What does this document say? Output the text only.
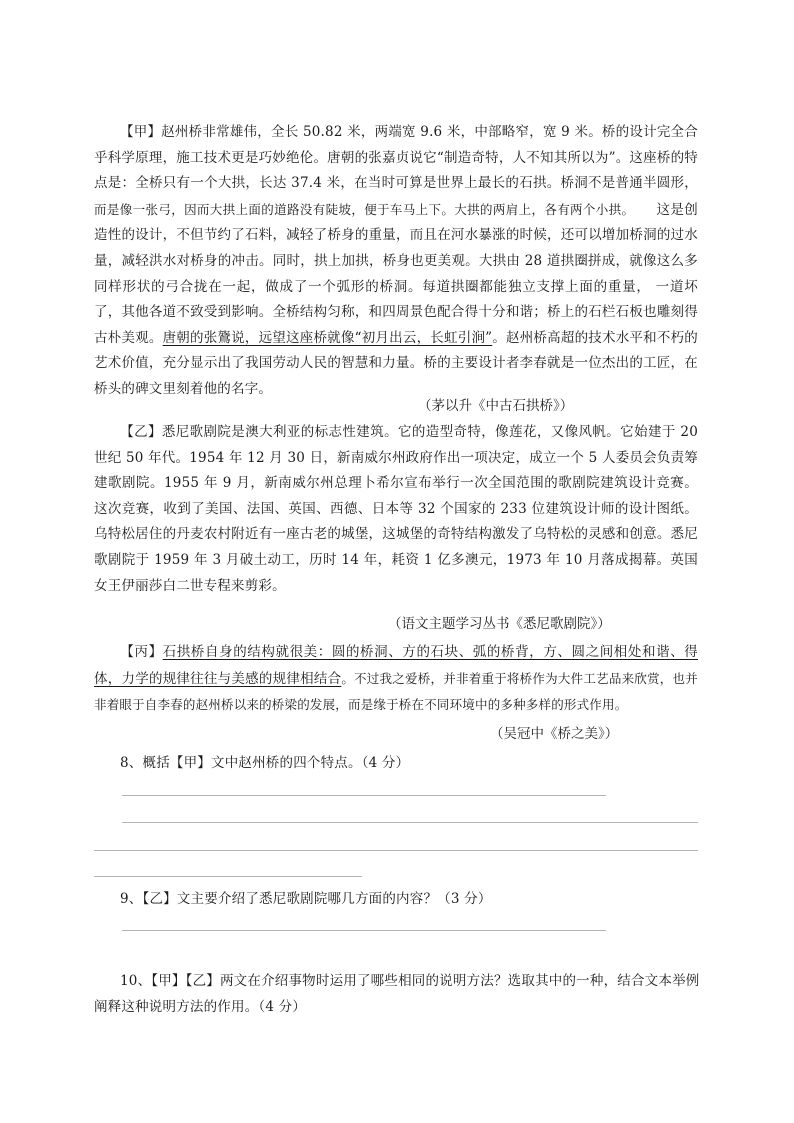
【甲】赵州桥非常雄伟，全长 50.82 米，两端宽 9.6 米，中部略窄，宽 9 米。桥的设计完全合乎科学原理，施工技术更是巧妙绝伦。唐朝的张嘉贞说它“制造奇特，人不知其所以为”。这座桥的特点是：全桥只有一个大拱，长达 37.4 米，在当时可算是世界上最长的石拱。桥洞不是普通半圆形，而是像一张弓，因而大拱上面的道路没有陡坡，便于车马上下。大拱的两肩上，各有两个小拱。 这是创造性的设计，不但节约了石料，减轻了桥身的重量，而且在河水暴涨的时候，还可以增加桥洞的过水量，减轻洪水对桥身的冲击。同时，拱上加拱，桥身也更美观。大拱由 28 道拱圈拼成，就像这么多同样形状的弓合拢在一起，做成了一个弧形的桥洞。每道拱圈都能独立支撑上面的重量， 一道坏了，其他各道不致受到影响。全桥结构匀称，和四周景色配合得十分和谐；桥上的石栏石板也雕刻得古朴美观。唐朝的张鷟说，远望这座桥就像“初月出云，长虹引涧”。赵州桥高超的技术水平和不朽的艺术价值，充分显示出了我国劳动人民的智慧和力量。桥的主要设计者李春就是一位杰出的工匠，在桥头的碑文里刻着他的名字。

（茅以升《中古石拱桥》）

【乙】悉尼歌剧院是澳大利亚的标志性建筑。它的造型奇特，像莲花，又像风帆。它始建于 20 世纪 50 年代。1954 年 12 月 30 日，新南威尔州政府作出一项决定，成立一个 5 人委员会负责筹建歌剧院。1955 年 9 月，新南威尔州总理卜希尔宣布举行一次全国范围的歌剧院建筑设计竞赛。这次竞赛，收到了美国、法国、英国、西德、日本等 32 个国家的 233 位建筑设计师的设计图纸。乌特松居住的丹麦农村附近有一座古老的城堡，这城堡的奇特结构激发了乌特松的灵感和创意。悉尼歌剧院于 1959 年 3 月破土动工，历时 14 年，耗资 1 亿多澳元，1973 年 10 月落成揭幕。英国女王伊丽莎白二世专程来剪彩。

（语文主题学习丛书《悉尼歌剧院》）

【丙】石拱桥自身的结构就很美：圆的桥洞、方的石块、弧的桥背，方、圆之间相处和谐、得体，力学的规律往往与美感的规律相结合。不过我之爱桥，并非着重于将桥作为大件工艺品来欣赏，也并非着眼于自李春的赵州桥以来的桥梁的发展，而是缘于桥在不同环境中的多种多样的形式作用。

（吴冠中《桥之美》）

8、概括【甲】文中赵州桥的四个特点。（4 分）

9、【乙】文主要介绍了悉尼歌剧院哪几方面的内容？（3 分）

10、【甲】【乙】两文在介绍事物时运用了哪些相同的说明方法？选取其中的一种，结合文本举例阐释这种说明方法的作用。（4 分）
